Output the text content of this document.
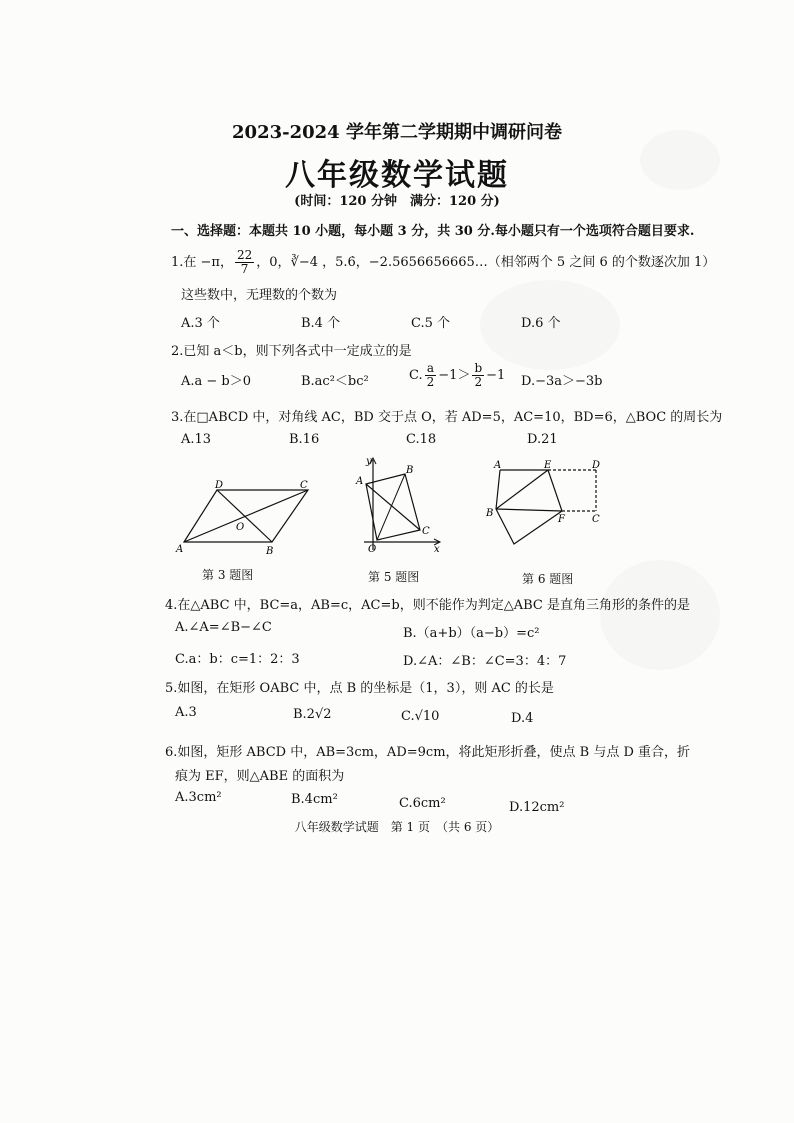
2023-2024 学年第二学期期中调研问卷
八年级数学试题
(时间：120 分钟　满分：120 分)
一、选择题：本题共 10 小题，每小题 3 分，共 30 分.每小题只有一个选项符合题目要求.
1.在 −π， $\frac{22}{7}$ ，0，∛−4 ，5.6̇，−2.5656656665…（相邻两个 5 之间 6 的个数逐次加 1）
这些数中，无理数的个数为
A.3 个	B.4 个	C.5 个	D.6 个
2.已知 a＜b，则下列各式中一定成立的是
A.a − b＞0	B.ac²＜bc²	C. $\frac{a}{2} -1> \frac{b}{2} -1$ D.−3a＞−3b
3.在□ABCD 中，对角线 AC，BD 交于点 O，若 AD=5，AC=10，BD=6，△BOC 的周长为
A.13	B.16	C.18	D.21
A	B
C
D
O
第 3 题图
y
x
A
B
C
O
第 5 题图
A	E	D
B
F	C
第 6 题图
4.在△ABC 中，BC=a，AB=c，AC=b，则不能作为判定△ABC 是直角三角形的条件的是
A.∠A=∠B−∠C	B.（a+b）（a−b）=c²
C.a：b：c=1：2：3	D.∠A：∠B：∠C=3：4：7
5.如图，在矩形 OABC 中，点 B 的坐标是（1，3），则 AC 的长是
A.3	B.2√2	C.√10	D.4
6.如图，矩形 ABCD 中，AB=3cm，AD=9cm，将此矩形折叠，使点 B 与点 D 重合，折
痕为 EF，则△ABE 的面积为
A.3cm²	B.4cm²	C.6cm²	D.12cm²
八年级数学试题　第 1 页　（共 6 页）
